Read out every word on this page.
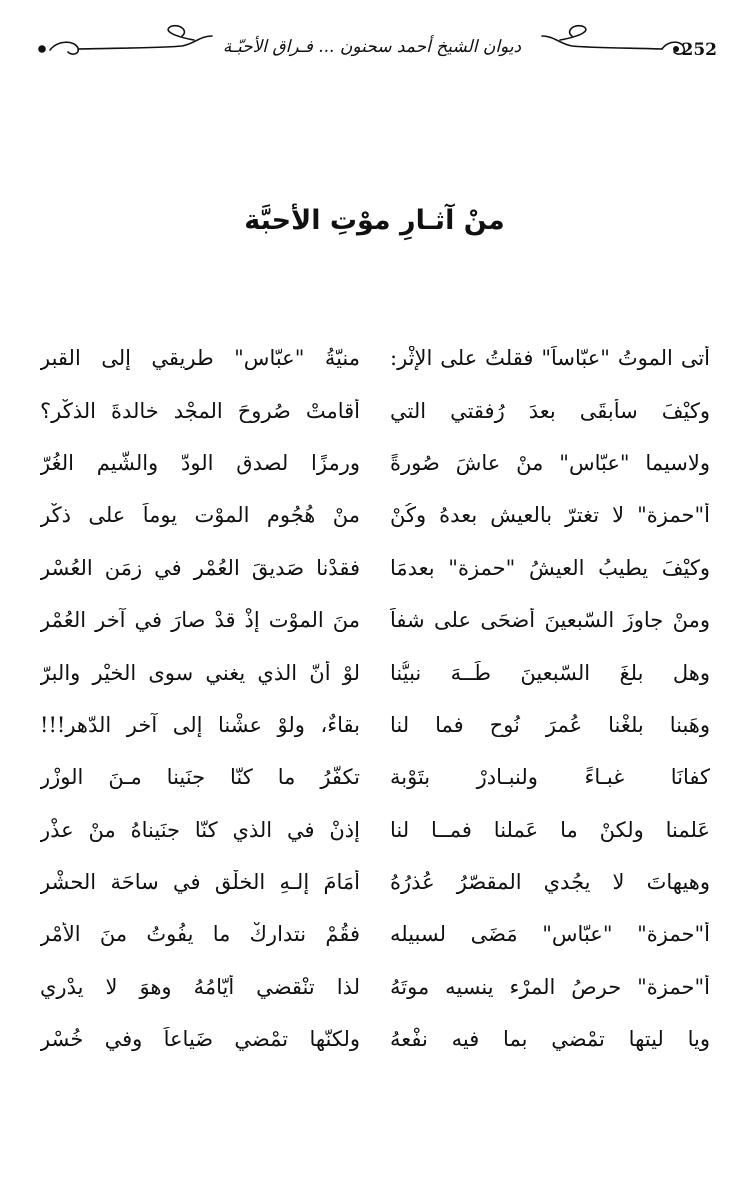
ديوان الشيخ أحمد سحنون ... فـراق الأحبّـة	•252
منْ آثـارِ موْتِ الأحبَّة
أتى الموتُ "عبّاساً" فقلتُ على الإثْر:
منيّةُ "عبّاس" طريقي إلى القبر
وكيْفَ سأبقَى بعدَ رُفقتي التي
أقامتْ صُروحَ المجْد خالدةَ الذكْر؟
ولاسيما "عبّاس" منْ عاشَ صُورةً
ورمزًا لصدق الودّ والشّيم الغُرّ
أ"حمزة" لا تغترّ بالعيش بعدهُ وكُنْ
منْ هُجُوم الموْت يوماً على ذكْر
وكيْفَ يطيبُ العيشُ "حمزة" بعدمَا
فقدْنا صَديقَ العُمْر في زمَنِ العُسْر
ومنْ جاوزَ السّبعينَ أضحَى على شفاً
منَ الموْت إذْ قدْ صارَ في آخر العُمْر
وهل بلغَ السّبعينَ طَــهَ نبيُّنا
لوْ أنّ الذي يغني سوى الخيْر والبرّ
وهَبنا بلغْنا عُمرَ نُوحٍ فما لنا
بقاءٌ، ولوْ عشْنا إلى آخر الدّهر!!!
كفانَا غبـاءً ولنبـادرْ بتَوْبة
تكفّرُ ما كنّا جنَينا مـنَ الوِزْر
عَلمنا ولكنْ ما عَملنا فمــا لنا
إذنْ في الذي كنّا جنَيناهُ منْ عذْر
وهيهاتَ لا يجُدي المقصّرُ عُذرُهُ
أمَامَ إلـهِ الخلْقِ في ساحَة الحشْر
أ"حمزة" "عبّاس" مَضَى لسبيله
فقُمْ نتداركْ ما يفُوتُ منَ الأمْر
أ"حمزة" حرصُ المرْء ينسيه موتَهُ
لذا تنْقضي أيّامُهُ وهوَ لا يدْري
ويا ليتها تمْضي بما فيه نفْعهُ
ولكنّها تمْضي ضَياعاً وفي خُسْر
